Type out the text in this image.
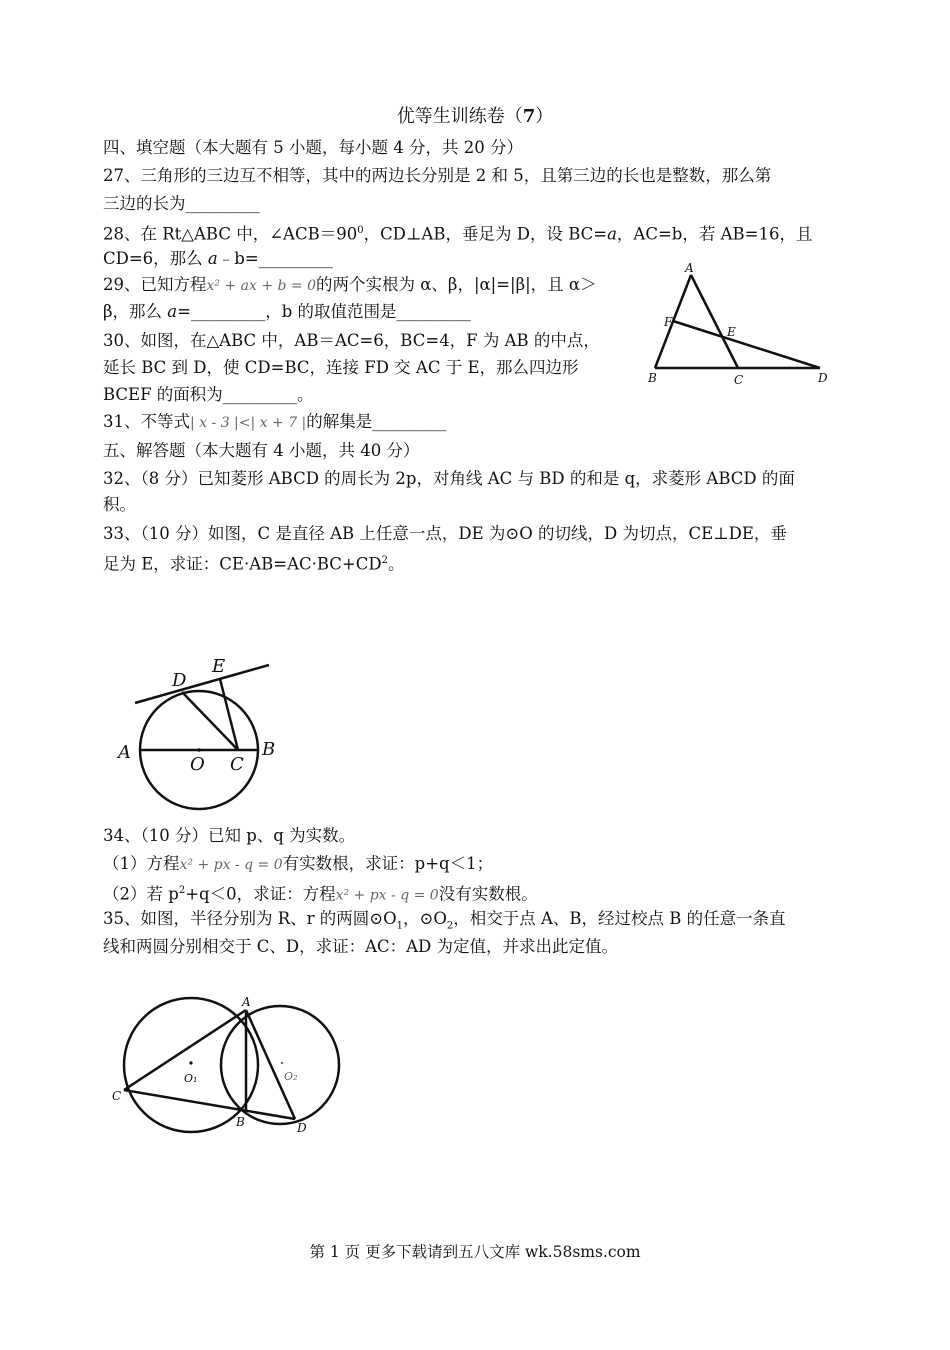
优等生训练卷（7）
四、填空题（本大题有 5 小题，每小题 4 分，共 20 分）
27、三角形的三边互不相等，其中的两边长分别是 2 和 5，且第三边的长也是整数，那么第
三边的长为_________
28、在 Rt△ABC 中，$\angle ACB=90^0$，CD⊥AB，垂足为 D，设 BC=a，AC=b，若 AB=16，且
CD=6，那么 a﹣b=_________
29、已知方程x² + ax + b = 0的两个实根为 α、β，|α|=|β|，且 α＞
β，那么 a=_________，b 的取值范围是_________
30、如图，在△ABC 中，AB＝AC=6，BC=4，F 为 AB 的中点，
延长 BC 到 D，使 CD=BC，连接 FD 交 AC 于 E，那么四边形
BCEF 的面积为_________。
31、不等式| x - 3 |<| x + 7 |的解集是_________
五、解答题（本大题有 4 小题，共 40 分）
32、（8 分）已知菱形 ABCD 的周长为 2p，对角线 AC 与 BD 的和是 q，求菱形 ABCD 的面
积。
33、（10 分）如图，C 是直径 AB 上任意一点，DE 为⊙O 的切线，D 为切点，CE⊥DE，垂
足为 E，求证：$CE\cdot AB=AC\cdot BC+CD^2$。
34、（10 分）已知 p、q 为实数。
（1）方程x² + px - q = 0有实数根，求证：p+q＜1；
（2）若 $p^2+q<0$，求证：方程x² + px - q = 0没有实数根。
35、如图，半径分别为 R、r 的两圆$⊙O_1$，$⊙O_2$，相交于点 A、B，经过校点 B 的任意一条直
线和两圆分别相交于 C、D，求证：AC：AD 为定值，并求出此定值。
A
F
E
B	C	D
D
E
A
O C
B
A
C
B	D
O₁	O₂
第 1 页 更多下载请到五八文库 wk.58sms.com
